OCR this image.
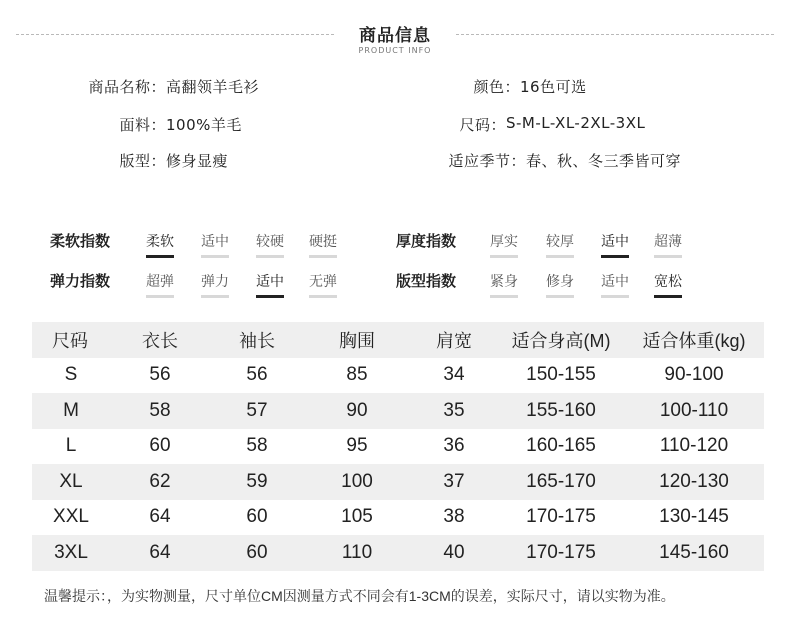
商品信息
PRODUCT INFO
商品名称： 高翻领羊毛衫	颜色： 16色可选
面料： 100%羊毛	尺码： S-M-L-XL-2XL-3XL
版型： 修身显瘦	适应季节： 春、秋、冬三季皆可穿
柔软指数	柔软 适中 较硬 硬挺	厚度指数 厚实 较厚 适中 超薄
弹力指数	超弹 弹力 适中 无弹	版型指数 紧身 修身 适中 宽松
尺码	衣长	袖长	胸围	肩宽	适合身高(M)	适合体重(kg)
S	56	56	85	34	150-155	90-100
M	58	57	90	35	155-160	100-110
L	60	58	95	36	160-165	110-120
XL	62	59	100	37	165-170	120-130
XXL	64	60	105	38	170-175	130-145
3XL	64	60	110	40	170-175	145-160
温馨提示：，为实物测量，尺寸单位CM因测量方式不同会有1-3CM的误差，实际尺寸，请以实物为准。
